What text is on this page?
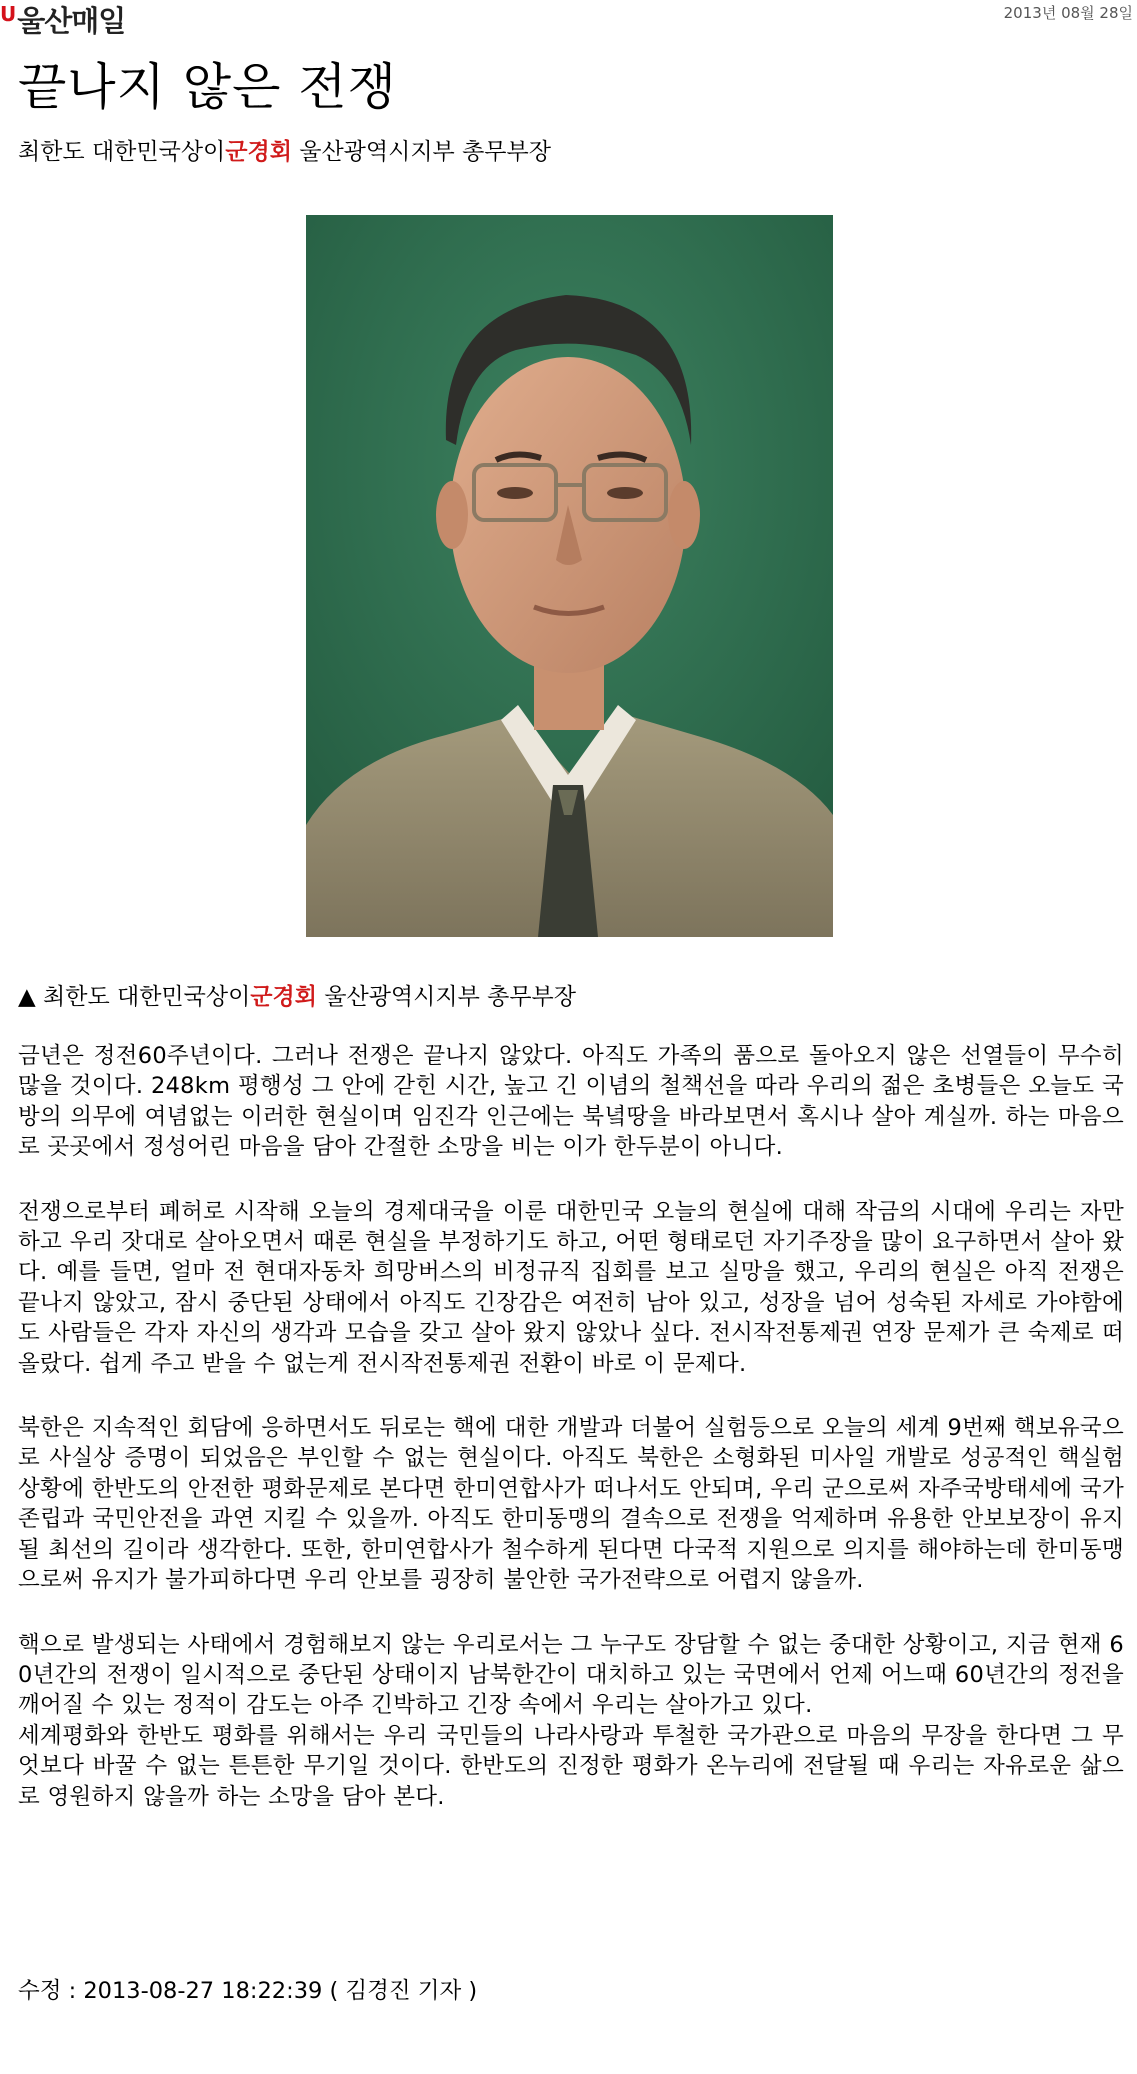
U 울산매일	2013년 08월 28일
끝나지 않은 전쟁
최한도 대한민국상이군경회 울산광역시지부 총무부장
▲ 최한도 대한민국상이군경회 울산광역시지부 총무부장

금년은 정전60주년이다. 그러나 전쟁은 끝나지 않았다. 아직도 가족의 품으로 돌아오지 않은 선열들이 무수히 많을 것이다. 248km 평행성 그 안에 갇힌 시간, 높고 긴 이념의 철책선을 따라 우리의 젊은 초병들은 오늘도 국방의 의무에 여념없는 이러한 현실이며 임진각 인근에는 북녘땅을 바라보면서 혹시나 살아 계실까. 하는 마음으로 곳곳에서 정성어린 마음을 담아 간절한 소망을 비는 이가 한두분이 아니다.

전쟁으로부터 폐허로 시작해 오늘의 경제대국을 이룬 대한민국 오늘의 현실에 대해 작금의 시대에 우리는 자만하고 우리 잣대로 살아오면서 때론 현실을 부정하기도 하고, 어떤 형태로던 자기주장을 많이 요구하면서 살아 왔다. 예를 들면, 얼마 전 현대자동차 희망버스의 비정규직 집회를 보고 실망을 했고, 우리의 현실은 아직 전쟁은 끝나지 않았고, 잠시 중단된 상태에서 아직도 긴장감은 여전히 남아 있고, 성장을 넘어 성숙된 자세로 가야함에도 사람들은 각자 자신의 생각과 모습을 갖고 살아 왔지 않았나 싶다. 전시작전통제권 연장 문제가 큰 숙제로 떠올랐다. 쉽게 주고 받을 수 없는게 전시작전통제권 전환이 바로 이 문제다.

북한은 지속적인 회담에 응하면서도 뒤로는 핵에 대한 개발과 더불어 실험등으로 오늘의 세계 9번째 핵보유국으로 사실상 증명이 되었음은 부인할 수 없는 현실이다. 아직도 북한은 소형화된 미사일 개발로 성공적인 핵실험 상황에 한반도의 안전한 평화문제로 본다면 한미연합사가 떠나서도 안되며, 우리 군으로써 자주국방태세에 국가존립과 국민안전을 과연 지킬 수 있을까. 아직도 한미동맹의 결속으로 전쟁을 억제하며 유용한 안보보장이 유지될 최선의 길이라 생각한다. 또한, 한미연합사가 철수하게 된다면 다국적 지원으로 의지를 해야하는데 한미동맹으로써 유지가 불가피하다면 우리 안보를 굉장히 불안한 국가전략으로 어렵지 않을까.

핵으로 발생되는 사태에서 경험해보지 않는 우리로서는 그 누구도 장담할 수 없는 중대한 상황이고, 지금 현재 60년간의 전쟁이 일시적으로 중단된 상태이지 남북한간이 대치하고 있는 국면에서 언제 어느때 60년간의 정전을 깨어질 수 있는 정적이 감도는 아주 긴박하고 긴장 속에서 우리는 살아가고 있다.

세계평화와 한반도 평화를 위해서는 우리 국민들의 나라사랑과 투철한 국가관으로 마음의 무장을 한다면 그 무엇보다 바꿀 수 없는 튼튼한 무기일 것이다. 한반도의 진정한 평화가 온누리에 전달될 때 우리는 자유로운 삶으로 영원하지 않을까 하는 소망을 담아 본다.

수정 : 2013-08-27 18:22:39 ( 김경진 기자 )
